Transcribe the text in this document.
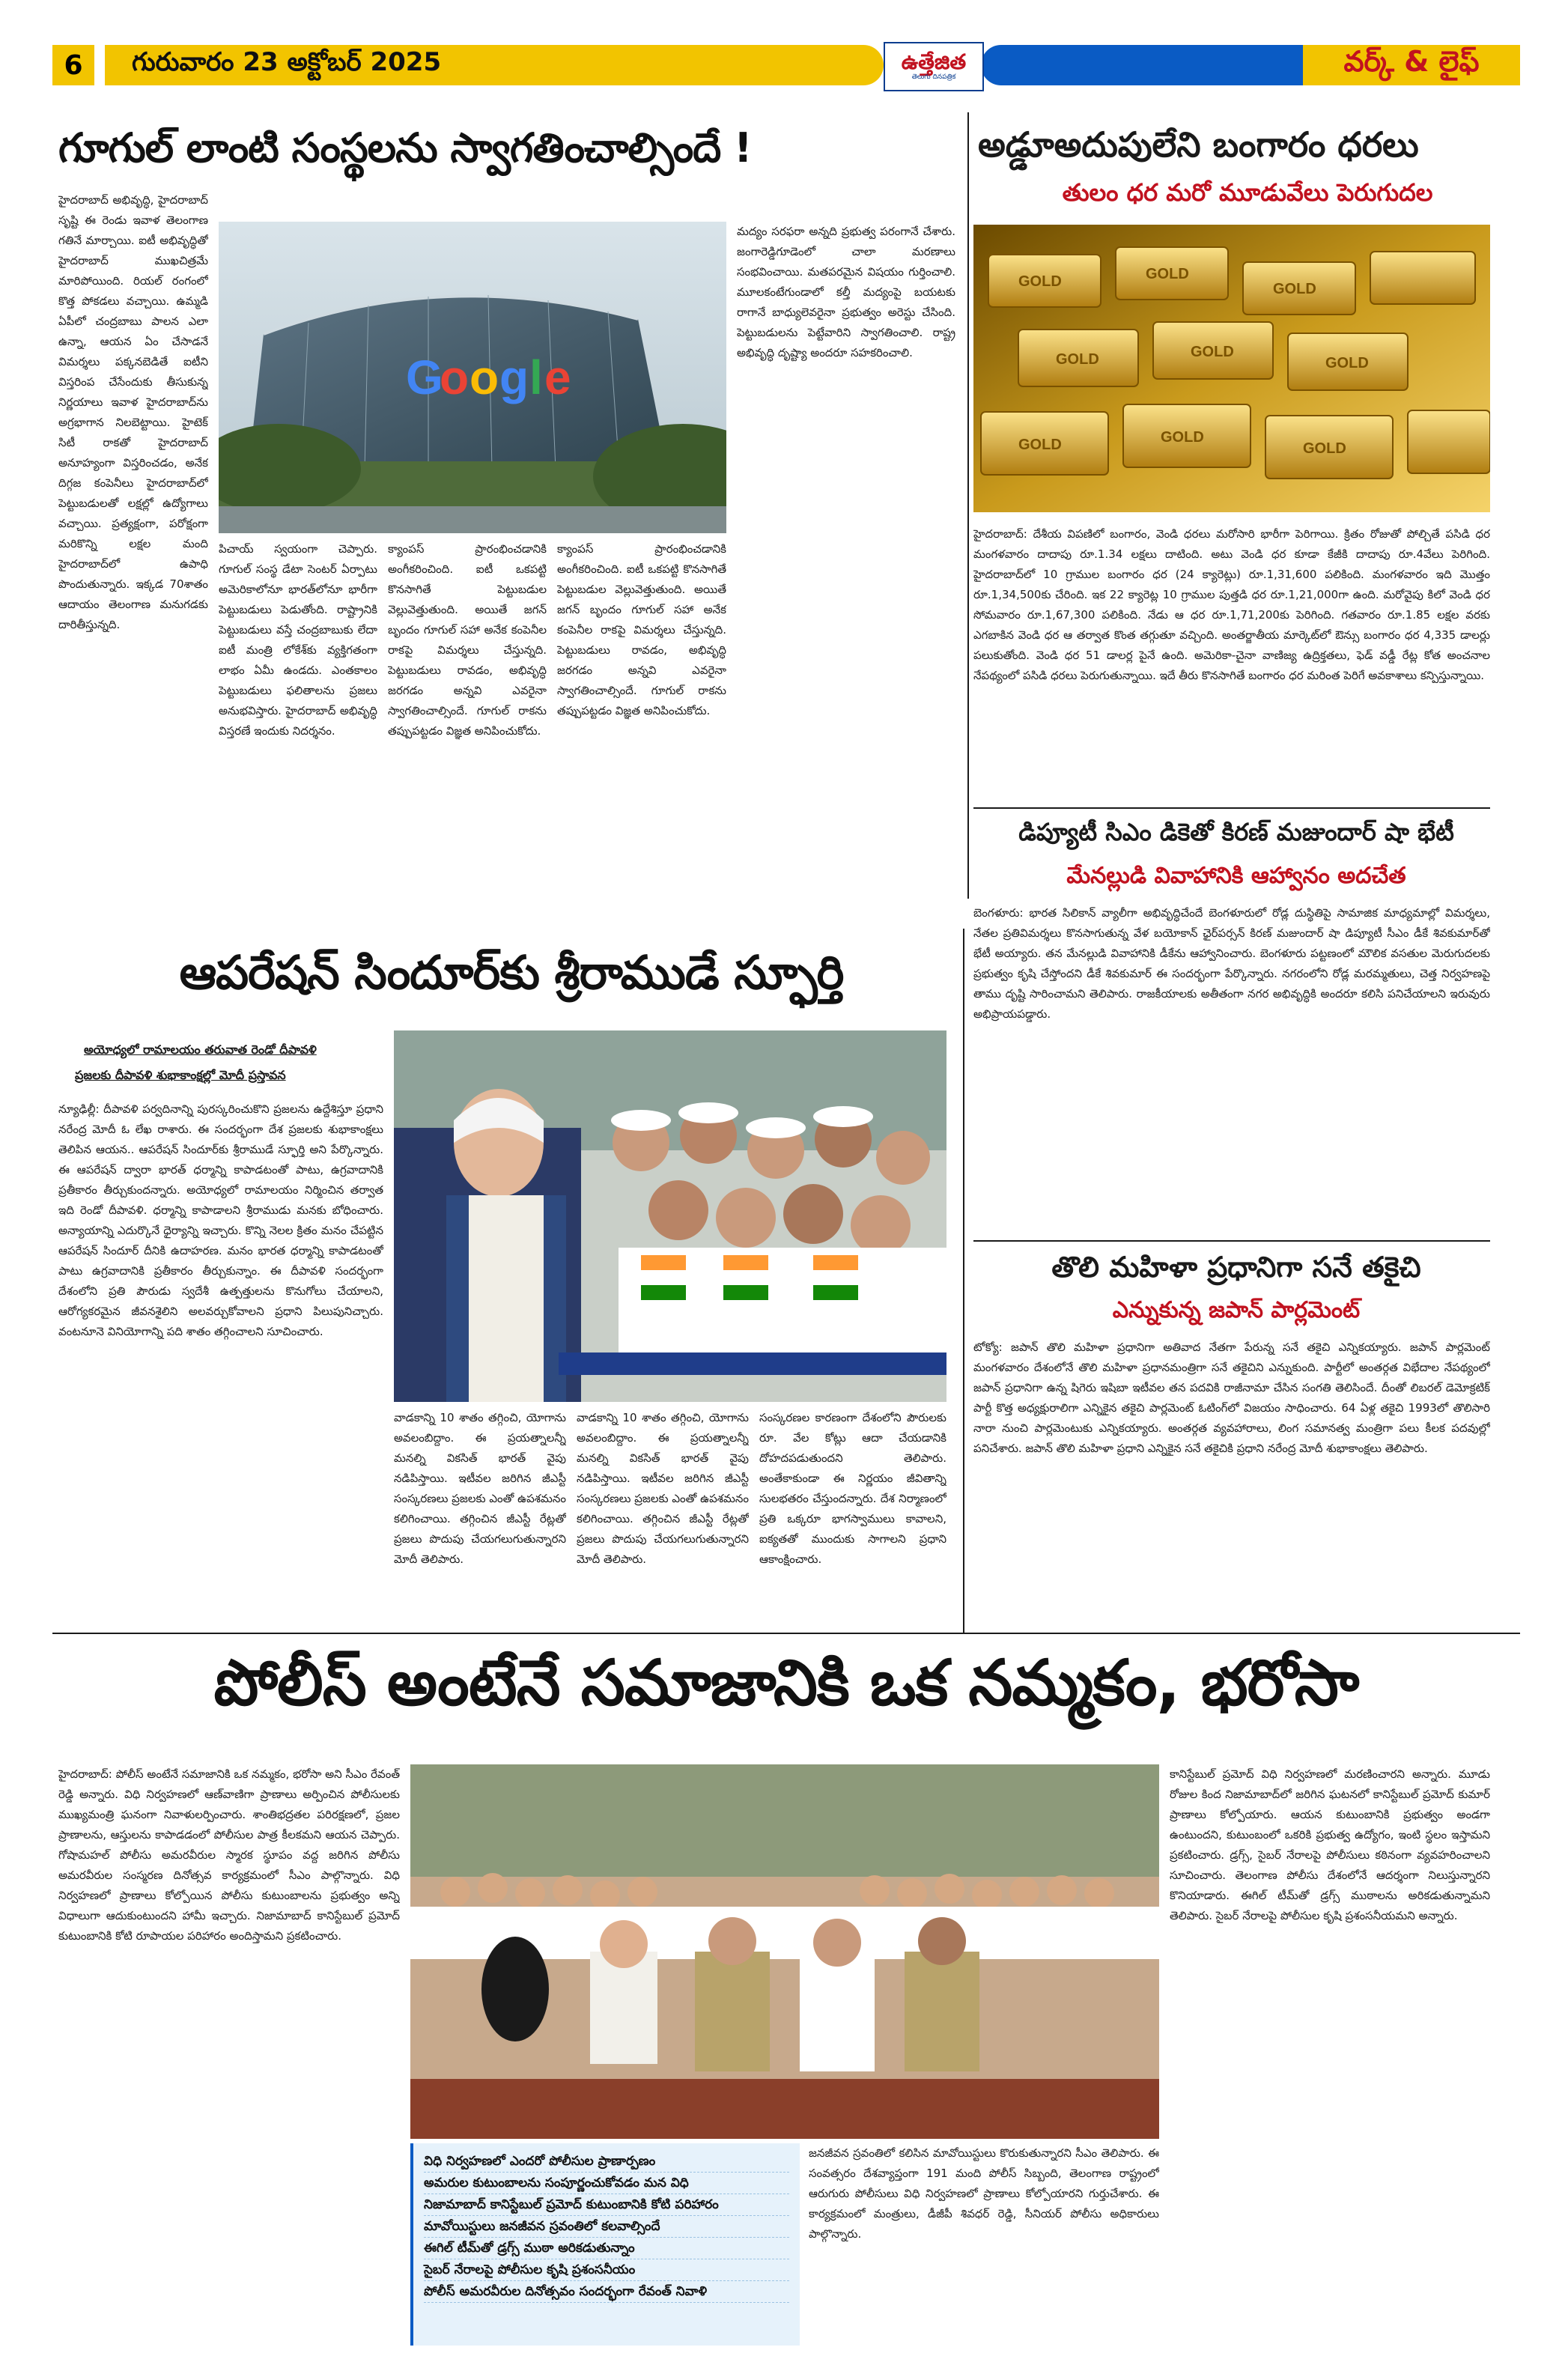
6	గురువారం 23 అక్టోబర్ 2025	ఉత్తేజిత
తెలుగు దినపత్రిక	వర్క్ & లైఫ్
గూగుల్ లాంటి సంస్థలను స్వాగతించాల్సిందే !

హైదరాబాద్ అభివృద్ధి, హైదరాబాద్ సృష్టి ఈ రెండు ఇవాళ తెలంగాణ గతినే మార్చాయి. ఐటీ అభివృద్ధితో హైదరాబాద్ ముఖచిత్రమే మారిపోయింది. రియల్ రంగంలో కొత్త పోకడలు వచ్చాయి. ఉమ్మడి ఏపీలో చంద్రబాబు పాలన ఎలా ఉన్నా, ఆయన ఏం చేసాడనే విమర్శలు పక్కనబెడితే ఐటీని విస్తరింప చేసేందుకు తీసుకున్న నిర్ణయాలు ఇవాళ హైదరాబాద్‌ను అగ్రభాగాన నిలబెట్టాయి. హైటెక్ సిటీ రాకతో హైదరాబాద్ అనూహ్యంగా విస్తరించడం, అనేక దిగ్గజ కంపెనీలు హైదరాబాద్‌లో పెట్టుబడులతో లక్షల్లో ఉద్యోగాలు వచ్చాయి. ప్రత్యక్షంగా, పరోక్షంగా మరికొన్ని లక్షల మంది హైదరాబాద్‌లో ఉపాధి పొందుతున్నారు. ఇక్కడ 70శాతం ఆదాయం తెలంగాణ మనుగడకు దారితీస్తున్నది.

G
o o g l e

పిచాయ్ స్వయంగా చెప్పారు. గూగుల్ సంస్థ డేటా సెంటర్ ఏర్పాటు అమెరికాలోనూ భారత్‌లోనూ భారీగా పెట్టుబడులు పెడుతోంది. రాష్ట్రానికి పెట్టుబడులు వస్తే చంద్రబాబుకు లేదా ఐటీ మంత్రి లోకేశ్‌కు వ్యక్తిగతంగా లాభం ఏమీ ఉండదు. ఎంతకాలం పెట్టుబడులు ఫలితాలను ప్రజలు అనుభవిస్తారు. హైదరాబాద్ అభివృద్ధి విస్తరణే ఇందుకు నిదర్శనం.

క్యాంపస్ ప్రారంభించడానికి అంగీకరించింది. ఐటీ ఒకపట్టి కొనసాగితే పెట్టుబడుల వెల్లువెత్తుతుంది. అయితే జగన్ బృందం గూగుల్ సహా అనేక కంపెనీల రాకపై విమర్శలు చేస్తున్నది. పెట్టుబడులు రావడం, అభివృద్ధి జరగడం అన్నవి ఎవరైనా స్వాగతించాల్సిందే. గూగుల్ రాకను తప్పుపట్టడం విజ్ఞత అనిపించుకోదు.

క్యాంపస్ ప్రారంభించడానికి అంగీకరించింది. ఐటీ ఒకపట్టి కొనసాగితే పెట్టుబడుల వెల్లువెత్తుతుంది. అయితే జగన్ బృందం గూగుల్ సహా అనేక కంపెనీల రాకపై విమర్శలు చేస్తున్నది. పెట్టుబడులు రావడం, అభివృద్ధి జరగడం అన్నవి ఎవరైనా స్వాగతించాల్సిందే. గూగుల్ రాకను తప్పుపట్టడం విజ్ఞత అనిపించుకోదు.

మద్యం సరఫరా అన్నది ప్రభుత్వ పరంగానే చేశారు. జంగారెడ్డిగూడెంలో చాలా మరణాలు సంభవించాయి. మతపరమైన విషయం గుర్తించాలి. మూలకంటేగుండాలో కల్తీ మద్యంపై బయటకు రాగానే బాధ్యులెవరైనా ప్రభుత్వం అరెస్టు చేసింది. పెట్టుబడులను పెట్టేవారిని స్వాగతించాలి. రాష్ట్ర అభివృద్ధి దృష్ట్యా అందరూ సహకరించాలి.

అడ్డూఅదుపులేని బంగారం ధరలు
తులం ధర మరో మూడువేలు పెరుగుదల
GOLD	GOLD
GOLD
GOLD	GOLD
GOLD
GOLD	GOLD
GOLD

హైదరాబాద్: దేశీయ విపణిలో బంగారం, వెండి ధరలు మరోసారి భారీగా పెరిగాయి. క్రితం రోజుతో పోల్చితే పసిడి ధర మంగళవారం దాదాపు రూ.1.34 లక్షలు దాటింది. అటు వెండి ధర కూడా కేజీకి దాదాపు రూ.4వేలు పెరిగింది. హైదరాబాద్‌లో 10 గ్రాముల బంగారం ధర (24 క్యారెట్లు) రూ.1,31,600 పలికింది. మంగళవారం ఇది మొత్తం రూ.1,34,500కు చేరింది. ఇక 22 క్యారెట్ల 10 గ్రాముల పుత్తడి ధర రూ.1,21,000గా ఉంది. మరోవైపు కిలో వెండి ధర సోమవారం రూ.1,67,300 పలికింది. నేడు ఆ ధర రూ.1,71,200కు పెరిగింది. గతవారం రూ.1.85 లక్షల వరకు ఎగబాకిన వెండి ధర ఆ తర్వాత కొంత తగ్గుతూ వచ్చింది. అంతర్జాతీయ మార్కెట్‌లో ఔన్సు బంగారం ధర 4,335 డాలర్లు పలుకుతోంది. వెండి ధర 51 డాలర్ల పైనే ఉంది. అమెరికా-చైనా వాణిజ్య ఉద్రిక్తతలు, ఫెడ్ వడ్డీ రేట్ల కోత అంచనాల నేపథ్యంలో పసిడి ధరలు పెరుగుతున్నాయి. ఇదే తీరు కొనసాగితే బంగారం ధర మరింత పెరిగే అవకాశాలు కన్పిస్తున్నాయి.

డిప్యూటీ సిఎం డికెతో కిరణ్ మజుందార్ షా భేటీ
మేనల్లుడి వివాహానికి ఆహ్వానం అదచేత

బెంగళూరు: భారత సిలికాన్ వ్యాలీగా అభివృద్ధిచేందే బెంగళూరులో రోడ్ల దుస్థితిపై సామాజిక మాధ్యమాల్లో విమర్శలు, నేతల ప్రతివిమర్శలు కొనసాగుతున్న వేళ బయోకాన్ ఛైర్‌పర్సన్ కిరణ్ మజుందార్ షా డిప్యూటీ సీఎం డీకే శివకుమార్‌తో భేటీ అయ్యారు. తన మేనల్లుడి వివాహానికి డీకేను ఆహ్వానించారు. బెంగళూరు పట్టణంలో మౌలిక వసతుల మెరుగుదలకు ప్రభుత్వం కృషి చేస్తోందని డీకే శివకుమార్ ఈ సందర్భంగా పేర్కొన్నారు. నగరంలోని రోడ్ల మరమ్మతులు, చెత్త నిర్వహణపై తాము దృష్టి సారించామని తెలిపారు. రాజకీయాలకు అతీతంగా నగర అభివృద్ధికి అందరూ కలిసి పనిచేయాలని ఇరువురు అభిప్రాయపడ్డారు.

తొలి మహిళా ప్రధానిగా సనే తకైచి
ఎన్నుకున్న జపాన్ పార్లమెంట్

టోక్యో: జపాన్ తొలి మహిళా ప్రధానిగా అతివాద నేతగా పేరున్న సనే తకైచి ఎన్నికయ్యారు. జపాన్ పార్లమెంట్ మంగళవారం దేశంలోనే తొలి మహిళా ప్రధానమంత్రిగా సనే తకైచిని ఎన్నుకుంది. పార్టీలో అంతర్గత విభేదాల నేపథ్యంలో జపాన్ ప్రధానిగా ఉన్న షిగెరు ఇషిబా ఇటీవల తన పదవికి రాజీనామా చేసిన సంగతి తెలిసిందే. దీంతో లిబరల్ డెమోక్రటిక్ పార్టీ కొత్త అధ్యక్షురాలిగా ఎన్నికైన తకైచి పార్లమెంట్ ఓటింగ్‌లో విజయం సాధించారు. 64 ఏళ్ల తకైచి 1993లో తొలిసారి నారా నుంచి పార్లమెంటుకు ఎన్నికయ్యారు. అంతర్గత వ్యవహారాలు, లింగ సమానత్వ మంత్రిగా పలు కీలక పదవుల్లో పనిచేశారు. జపాన్ తొలి మహిళా ప్రధాని ఎన్నికైన సనే తకైచికి ప్రధాని నరేంద్ర మోదీ శుభాకాంక్షలు తెలిపారు.

ఆపరేషన్ సిందూర్‌కు శ్రీరాముడే స్ఫూర్తి
అయోధ్యలో రామాలయం తరువాత రెండో దీపావళి
ప్రజలకు దీపావళి శుభాకాంక్షల్లో మోదీ ప్రస్తావన

న్యూఢిల్లీ: దీపావళి పర్వదినాన్ని పురస్కరించుకొని ప్రజలను ఉద్దేశిస్తూ ప్రధాని నరేంద్ర మోదీ ఓ లేఖ రాశారు. ఈ సందర్భంగా దేశ ప్రజలకు శుభాకాంక్షలు తెలిపిన ఆయన.. ఆపరేషన్ సిందూర్‌కు శ్రీరాముడే స్ఫూర్తి అని పేర్కొన్నారు. ఈ ఆపరేషన్ ద్వారా భారత్ ధర్మాన్ని కాపాడటంతో పాటు, ఉగ్రవాదానికి ప్రతీకారం తీర్చుకుందన్నారు. అయోధ్యలో రామాలయం నిర్మించిన తర్వాత ఇది రెండో దీపావళి. ధర్మాన్ని కాపాడాలని శ్రీరాముడు మనకు బోధించారు. అన్యాయాన్ని ఎదుర్కొనే ధైర్యాన్ని ఇచ్చారు. కొన్ని నెలల క్రితం మనం చేపట్టిన ఆపరేషన్ సిందూర్ దీనికి ఉదాహరణ. మనం భారత ధర్మాన్ని కాపాడటంతో పాటు ఉగ్రవాదానికి ప్రతీకారం తీర్చుకున్నాం. ఈ దీపావళి సందర్భంగా దేశంలోని ప్రతి పౌరుడు స్వదేశీ ఉత్పత్తులను కొనుగోలు చేయాలని, ఆరోగ్యకరమైన జీవనశైలిని అలవర్చుకోవాలని ప్రధాని పిలుపునిచ్చారు. వంటనూనె వినియోగాన్ని పది శాతం తగ్గించాలని సూచించారు.

వాడకాన్ని 10 శాతం తగ్గించి, యోగాను అవలంబిద్దాం. ఈ ప్రయత్నాలన్నీ మనల్ని వికసిత్ భారత్ వైపు నడిపిస్తాయి. ఇటీవల జరిగిన జీఎస్టీ సంస్కరణలు ప్రజలకు ఎంతో ఉపశమనం కలిగించాయి. తగ్గించిన జీఎస్టీ రేట్లతో ప్రజలు పొదుపు చేయగలుగుతున్నారని మోదీ తెలిపారు.

వాడకాన్ని 10 శాతం తగ్గించి, యోగాను అవలంబిద్దాం. ఈ ప్రయత్నాలన్నీ మనల్ని వికసిత్ భారత్ వైపు నడిపిస్తాయి. ఇటీవల జరిగిన జీఎస్టీ సంస్కరణలు ప్రజలకు ఎంతో ఉపశమనం కలిగించాయి. తగ్గించిన జీఎస్టీ రేట్లతో ప్రజలు పొదుపు చేయగలుగుతున్నారని మోదీ తెలిపారు.

సంస్కరణల కారణంగా దేశంలోని పౌరులకు రూ. వేల కోట్లు ఆదా చేయడానికి దోహదపడుతుందని తెలిపారు. అంతేకాకుండా ఈ నిర్ణయం జీవితాన్ని సులభతరం చేస్తుందన్నారు. దేశ నిర్మాణంలో ప్రతి ఒక్కరూ భాగస్వాములు కావాలని, ఐక్యతతో ముందుకు సాగాలని ప్రధాని ఆకాంక్షించారు.

పోలీస్ అంటేనే సమాజానికి ఒక నమ్మకం, భరోసా

హైదరాబాద్: పోలీస్ అంటేనే సమాజానికి ఒక నమ్మకం, భరోసా అని సీఎం రేవంత్ రెడ్డి అన్నారు. విధి నిర్వహణలో ఆణ్‌వాణిగా ప్రాణాలు అర్పించిన పోలీసులకు ముఖ్యమంత్రి ఘనంగా నివాళులర్పించారు. శాంతిభద్రతల పరిరక్షణలో, ప్రజల ప్రాణాలను, ఆస్తులను కాపాడడంలో పోలీసుల పాత్ర కీలకమని ఆయన చెప్పారు. గోషామహల్ పోలీసు అమరవీరుల స్మారక స్థూపం వద్ద జరిగిన పోలీసు అమరవీరుల సంస్మరణ దినోత్సవ కార్యక్రమంలో సీఎం పాల్గొన్నారు. విధి నిర్వహణలో ప్రాణాలు కోల్పోయిన పోలీసు కుటుంబాలను ప్రభుత్వం అన్ని విధాలుగా ఆదుకుంటుందని హామీ ఇచ్చారు. నిజామాబాద్ కానిస్టేబుల్ ప్రమోద్ కుటుంబానికి కోటి రూపాయల పరిహారం అందిస్తామని ప్రకటించారు.

విధి నిర్వహణలో ఎందరో పోలీసుల ప్రాణార్పణం
అమరుల కుటుంబాలను సంపూర్ణంచుకోవడం మన విధి
నిజామాబాద్ కానిస్టేబుల్ ప్రమోద్ కుటుంబానికి కోటి పరిహారం
మావోయిస్టులు జనజీవన స్రవంతిలో కలవాల్సిందే
ఈగిల్ టీమ్‌తో డ్రగ్స్ ముఠా అరికడుతున్నాం
సైబర్ నేరాలపై పోలీసుల కృషి ప్రశంసనీయం
పోలీస్ అమరవీరుల దినోత్సవం సందర్భంగా రేవంత్ నివాళి

జనజీవన స్రవంతిలో కలిసిన మావోయిస్టులు కొరుకుతున్నారని సీఎం తెలిపారు. ఈ సంవత్సరం దేశవ్యాప్తంగా 191 మంది పోలీస్ సిబ్బంది, తెలంగాణ రాష్ట్రంలో ఆరుగురు పోలీసులు విధి నిర్వహణలో ప్రాణాలు కోల్పోయారని గుర్తుచేశారు. ఈ కార్యక్రమంలో మంత్రులు, డీజీపీ శివధర్ రెడ్డి, సీనియర్ పోలీసు అధికారులు పాల్గొన్నారు.

కానిస్టేబుల్ ప్రమోద్ విధి నిర్వహణలో మరణించారని అన్నారు. మూడు రోజుల కింద నిజామాబాద్‌లో జరిగిన ఘటనలో కానిస్టేబుల్ ప్రమోద్ కుమార్ ప్రాణాలు కోల్పోయారు. ఆయన కుటుంబానికి ప్రభుత్వం అండగా ఉంటుందని, కుటుంబంలో ఒకరికి ప్రభుత్వ ఉద్యోగం, ఇంటి స్థలం ఇస్తామని ప్రకటించారు. డ్రగ్స్, సైబర్ నేరాలపై పోలీసులు కఠినంగా వ్యవహరించాలని సూచించారు. తెలంగాణ పోలీసు దేశంలోనే ఆదర్శంగా నిలుస్తున్నారని కొనియాడారు. ఈగిల్ టీమ్‌తో డ్రగ్స్ ముఠాలను అరికడుతున్నామని తెలిపారు. సైబర్ నేరాలపై పోలీసుల కృషి ప్రశంసనీయమని అన్నారు.
